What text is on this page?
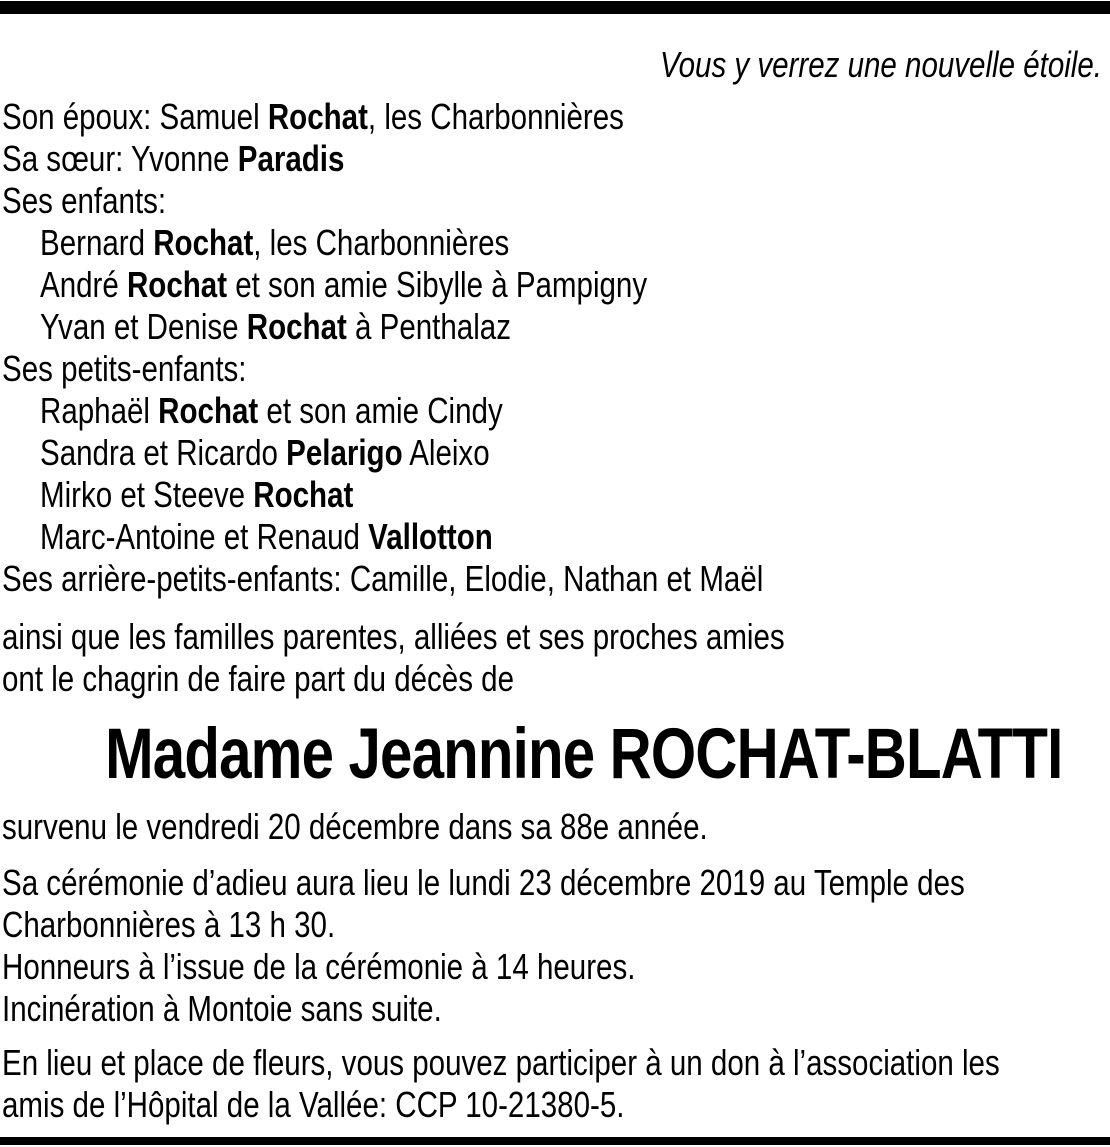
Vous y verrez une nouvelle étoile.
Son époux: Samuel Rochat, les Charbonnières
Sa sœur: Yvonne Paradis
Ses enfants:
Bernard Rochat, les Charbonnières
André Rochat et son amie Sibylle à Pampigny
Yvan et Denise Rochat à Penthalaz
Ses petits-enfants:
Raphaël Rochat et son amie Cindy
Sandra et Ricardo Pelarigo Aleixo
Mirko et Steeve Rochat
Marc-Antoine et Renaud Vallotton
Ses arrière-petits-enfants: Camille, Elodie, Nathan et Maël
ainsi que les familles parentes, alliées et ses proches amies
ont le chagrin de faire part du décès de
Madame Jeannine ROCHAT-BLATTI
survenu le vendredi 20 décembre dans sa 88e année.
Sa cérémonie d’adieu aura lieu le lundi 23 décembre 2019 au Temple des
Charbonnières à 13 h 30.
Honneurs à l’issue de la cérémonie à 14 heures.
Incinération à Montoie sans suite.
En lieu et place de fleurs, vous pouvez participer à un don à l’association les
amis de l’Hôpital de la Vallée: CCP 10-21380-5.
